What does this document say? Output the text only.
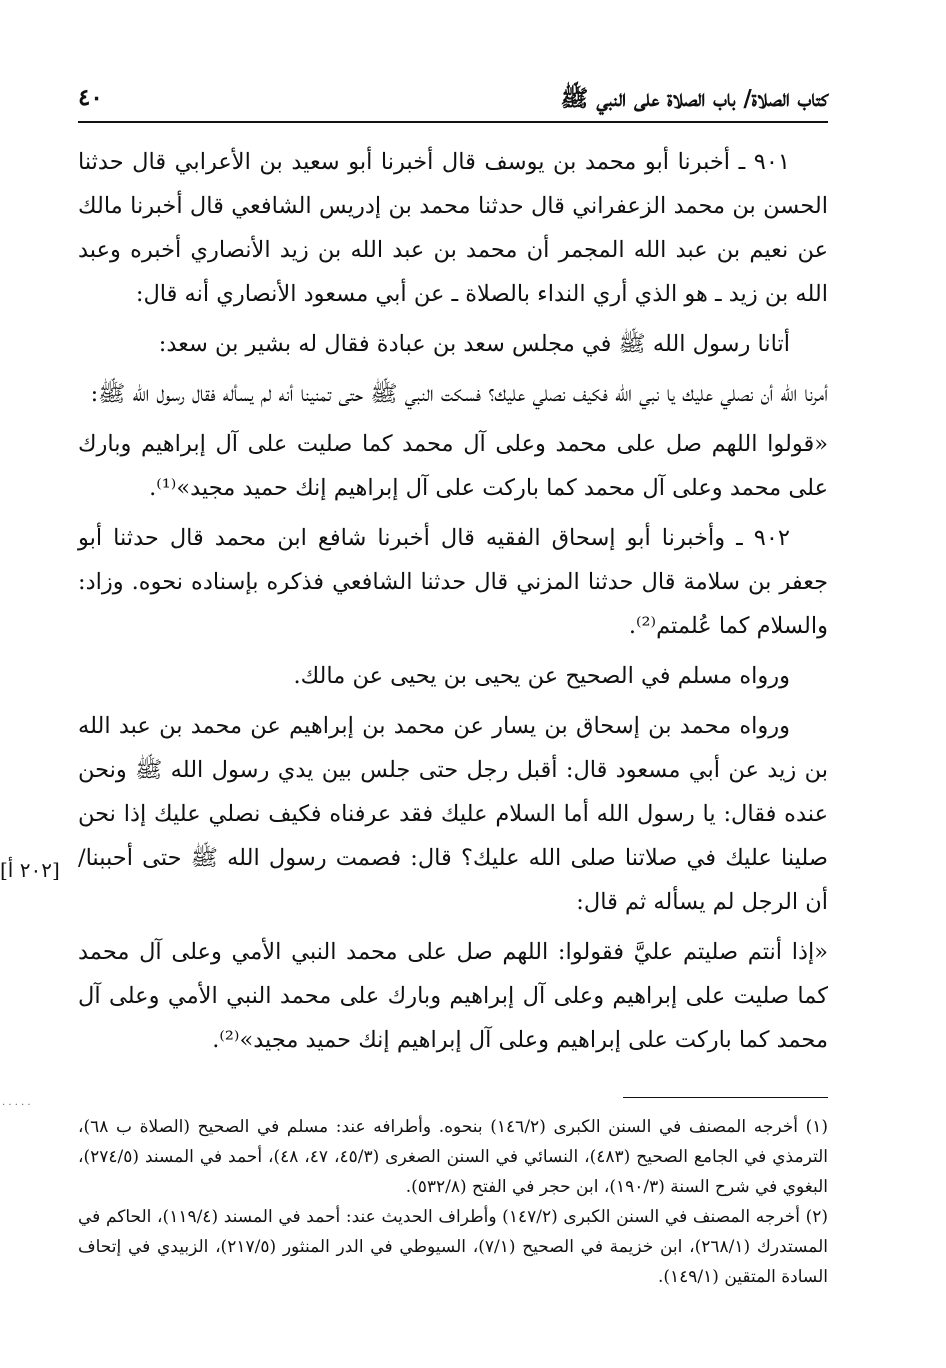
كتاب الصلاة/ باب الصلاة على النبي ﷺ
٤٠

٩٠١ ـ أخبرنا أبو محمد بن يوسف قال أخبرنا أبو سعيد بن الأعرابي قال حدثنا الحسن بن محمد الزعفراني قال حدثنا محمد بن إدريس الشافعي قال أخبرنا مالك عن نعيم بن عبد الله المجمر أن محمد بن عبد الله بن زيد الأنصاري أخبره وعبد الله بن زيد ـ هو الذي أري النداء بالصلاة ـ عن أبي مسعود الأنصاري أنه قال:

أتانا رسول الله ﷺ في مجلس سعد بن عبادة فقال له بشير بن سعد:

أمرنا الله أن نصلي عليك يا نبي الله فكيف نصلي عليك؟ فسكت النبي ﷺ حتى تمنينا أنه لم يسأله فقال رسول الله ﷺ:

«قولوا اللهم صل على محمد وعلى آل محمد كما صليت على آل إبراهيم وبارك على محمد وعلى آل محمد كما باركت على آل إبراهيم إنك حميد مجيد»⁽¹⁾.

٩٠٢ ـ وأخبرنا أبو إسحاق الفقيه قال أخبرنا شافع ابن محمد قال حدثنا أبو جعفر بن سلامة قال حدثنا المزني قال حدثنا الشافعي فذكره بإسناده نحوه. وزاد: والسلام كما عُلمتم⁽²⁾.

ورواه مسلم في الصحيح عن يحيى بن يحيى عن مالك.

ورواه محمد بن إسحاق بن يسار عن محمد بن إبراهيم عن محمد بن عبد الله بن زيد عن أبي مسعود قال: أقبل رجل حتى جلس بين يدي رسول الله ﷺ ونحن عنده فقال: يا رسول الله أما السلام عليك فقد عرفناه فكيف نصلي عليك إذا نحن صلينا عليك في صلاتنا صلى الله عليك؟ قال: فصمت رسول الله ﷺ حتى أحببنا/ أن الرجل لم يسأله ثم قال:

«إذا أنتم صليتم عليَّ فقولوا: اللهم صل على محمد النبي الأمي وعلى آل محمد كما صليت على إبراهيم وعلى آل إبراهيم وبارك على محمد النبي الأمي وعلى آل محمد كما باركت على إبراهيم وعلى آل إبراهيم إنك حميد مجيد»⁽²⁾.

[٢٠٢ أ]

(١) أخرجه المصنف في السنن الكبرى (١٤٦/٢) بنحوه. وأطرافه عند: مسلم في الصحيح (الصلاة ب ٦٨)، الترمذي في الجامع الصحيح (٤٨٣)، النسائي في السنن الصغرى (٤٥/٣، ٤٧، ٤٨)، أحمد في المسند (٢٧٤/٥)، البغوي في شرح السنة (١٩٠/٣)، ابن حجر في الفتح (٥٣٢/٨).

(٢) أخرجه المصنف في السنن الكبرى (١٤٧/٢) وأطراف الحديث عند: أحمد في المسند (١١٩/٤)، الحاكم في المستدرك (٢٦٨/١)، ابن خزيمة في الصحيح (٧/١)، السيوطي في الدر المنثور (٢١٧/٥)، الزبيدي في إتحاف السادة المتقين (١٤٩/١).

· · · · ·
